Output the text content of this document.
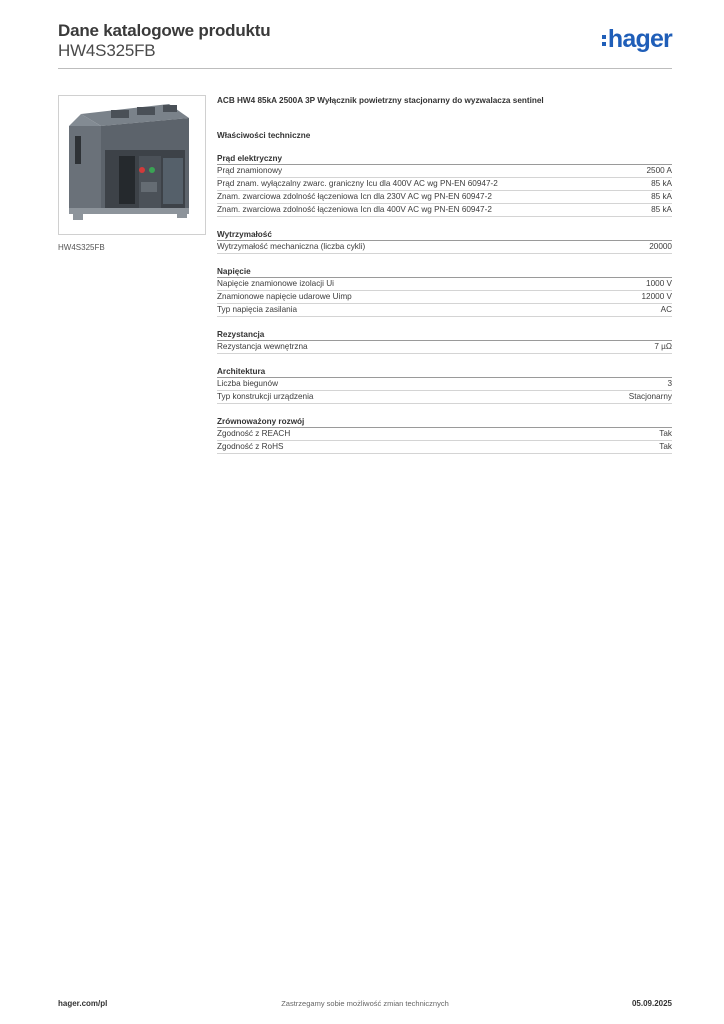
Dane katalogowe produktu
HW4S325FB	hager
HW4S325FB
ACB HW4 85kA 2500A 3P Wyłącznik powietrzny stacjonarny do wyzwalacza sentinel
Właściwości techniczne
Prąd elektryczny
Prąd znamionowy	2500 A
Prąd znam. wyłączalny zwarc. graniczny Icu dla 400V AC wg PN-EN 60947-2	85 kA
Znam. zwarciowa zdolność łączeniowa Icn dla 230V AC wg PN-EN 60947-2	85 kA
Znam. zwarciowa zdolność łączeniowa Icn dla 400V AC wg PN-EN 60947-2	85 kA
Wytrzymałość
Wytrzymałość mechaniczna (liczba cykli)	20000
Napięcie
Napięcie znamionowe izolacji Ui	1000 V
Znamionowe napięcie udarowe Uimp	12000 V
Typ napięcia zasilania	AC
Rezystancja
Rezystancja wewnętrzna	7 µΩ
Architektura
Liczba biegunów	3
Typ konstrukcji urządzenia	Stacjonarny
Zrównoważony rozwój
Zgodność z REACH	Tak
Zgodność z RoHS	Tak
Zastrzegamy sobie możliwość zmian technicznych
hager.com/pl	05.09.2025
